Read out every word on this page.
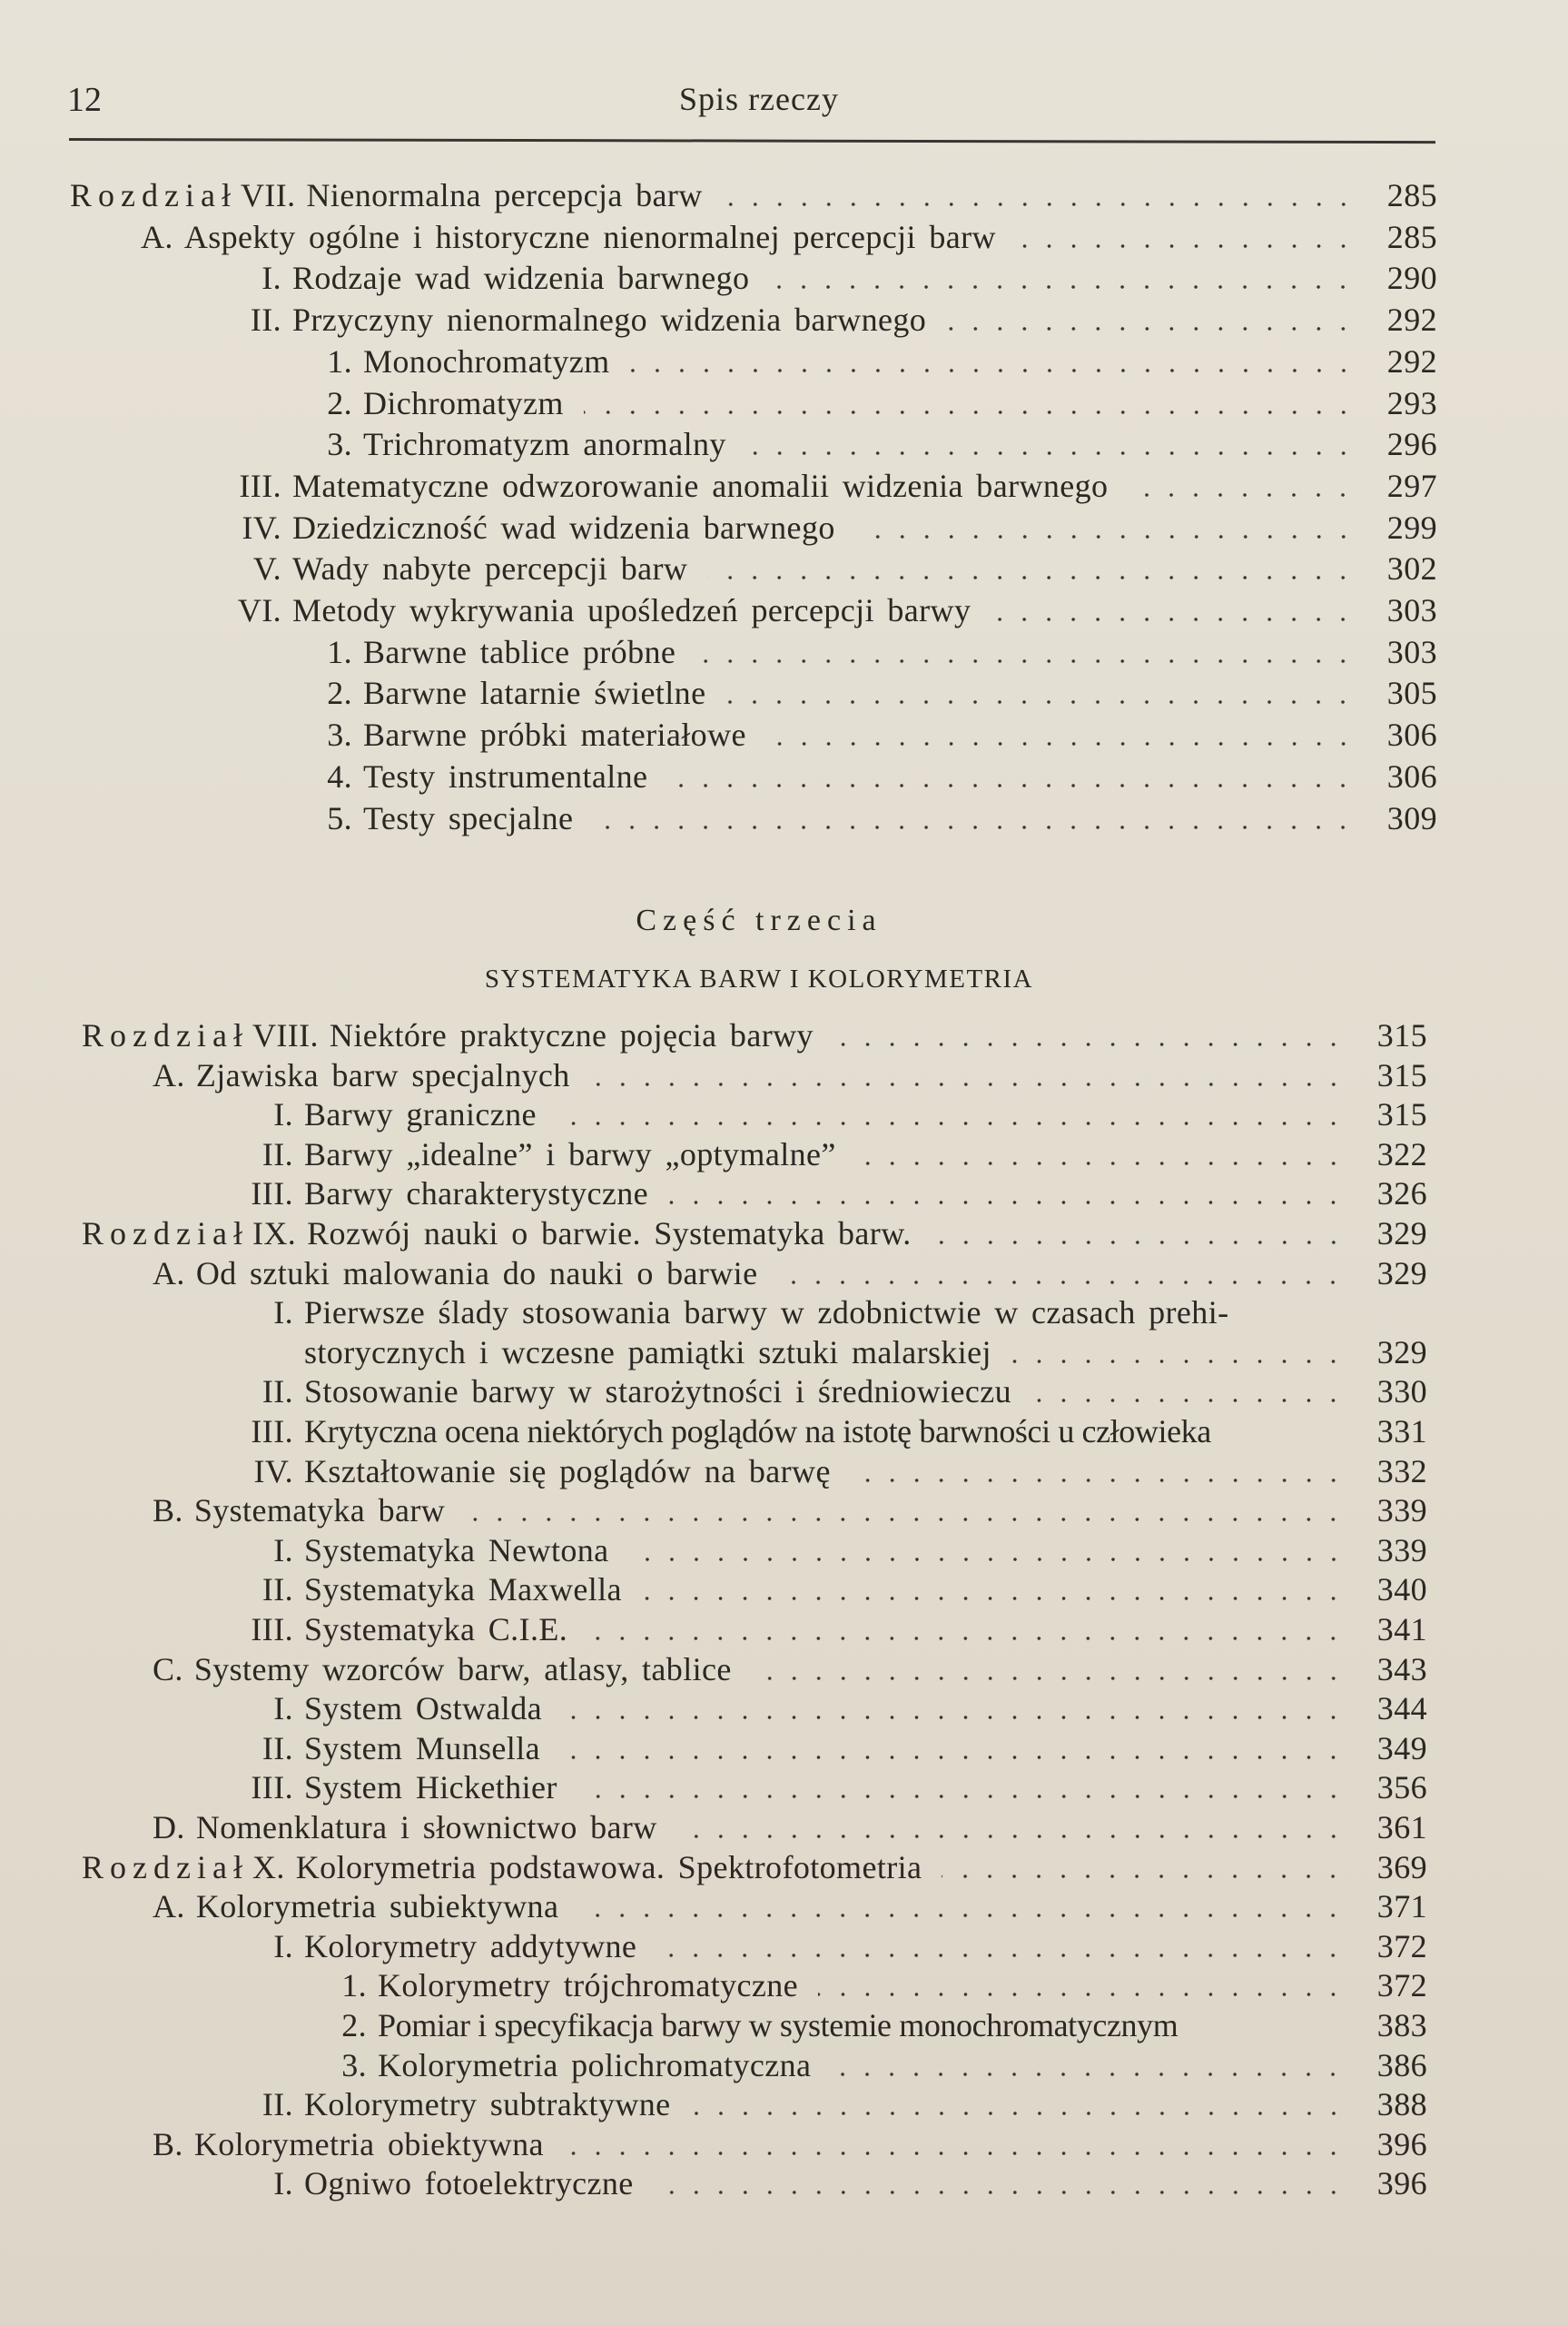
12	Spis rzeczy
Część trzecia
SYSTEMATYKA BARW I KOLORYMETRIA
Rozdział VII. Nienormalna percepcja barw	285
A. Aspekty ogólne i historyczne nienormalnej percepcji barw	285
I. Rodzaje wad widzenia barwnego	290
II. Przyczyny nienormalnego widzenia barwnego	292
1. Monochromatyzm	292
2. Dichromatyzm	293
3. Trichromatyzm anormalny	296
III. Matematyczne odwzorowanie anomalii widzenia barwnego	297
IV. Dziedziczność wad widzenia barwnego	299
V. Wady nabyte percepcji barw	302
VI. Metody wykrywania upośledzeń percepcji barwy	303
1. Barwne tablice próbne	303
2. Barwne latarnie świetlne	305
3. Barwne próbki materiałowe	306
4. Testy instrumentalne	306
5. Testy specjalne	309
Rozdział VIII. Niektóre praktyczne pojęcia barwy	315
A. Zjawiska barw specjalnych	315
I. Barwy graniczne	315
II. Barwy „idealne” i barwy „optymalne”	322
III. Barwy charakterystyczne	326
Rozdział IX. Rozwój nauki o barwie. Systematyka barw.	329
A. Od sztuki malowania do nauki o barwie	329
I. Pierwsze ślady stosowania barwy w zdobnictwie w czasach prehi-
storycznych i wczesne pamiątki sztuki malarskiej	329
II. Stosowanie barwy w starożytności i średniowieczu	330
III. Krytyczna ocena niektórych poglądów na istotę barwności u człowieka	331
IV. Kształtowanie się poglądów na barwę	332
B. Systematyka barw	339
I. Systematyka Newtona	339
II. Systematyka Maxwella	340
III. Systematyka C.I.E.	341
C. Systemy wzorców barw, atlasy, tablice	343
I. System Ostwalda	344
II. System Munsella	349
III. System Hickethier	356
D. Nomenklatura i słownictwo barw	361
Rozdział X. Kolorymetria podstawowa. Spektrofotometria	369
A. Kolorymetria subiektywna	371
I. Kolorymetry addytywne	372
1. Kolorymetry trójchromatyczne	372
2. Pomiar i specyfikacja barwy w systemie monochromatycznym	383
3. Kolorymetria polichromatyczna	386
II. Kolorymetry subtraktywne	388
B. Kolorymetria obiektywna	396
I. Ogniwo fotoelektryczne	396
